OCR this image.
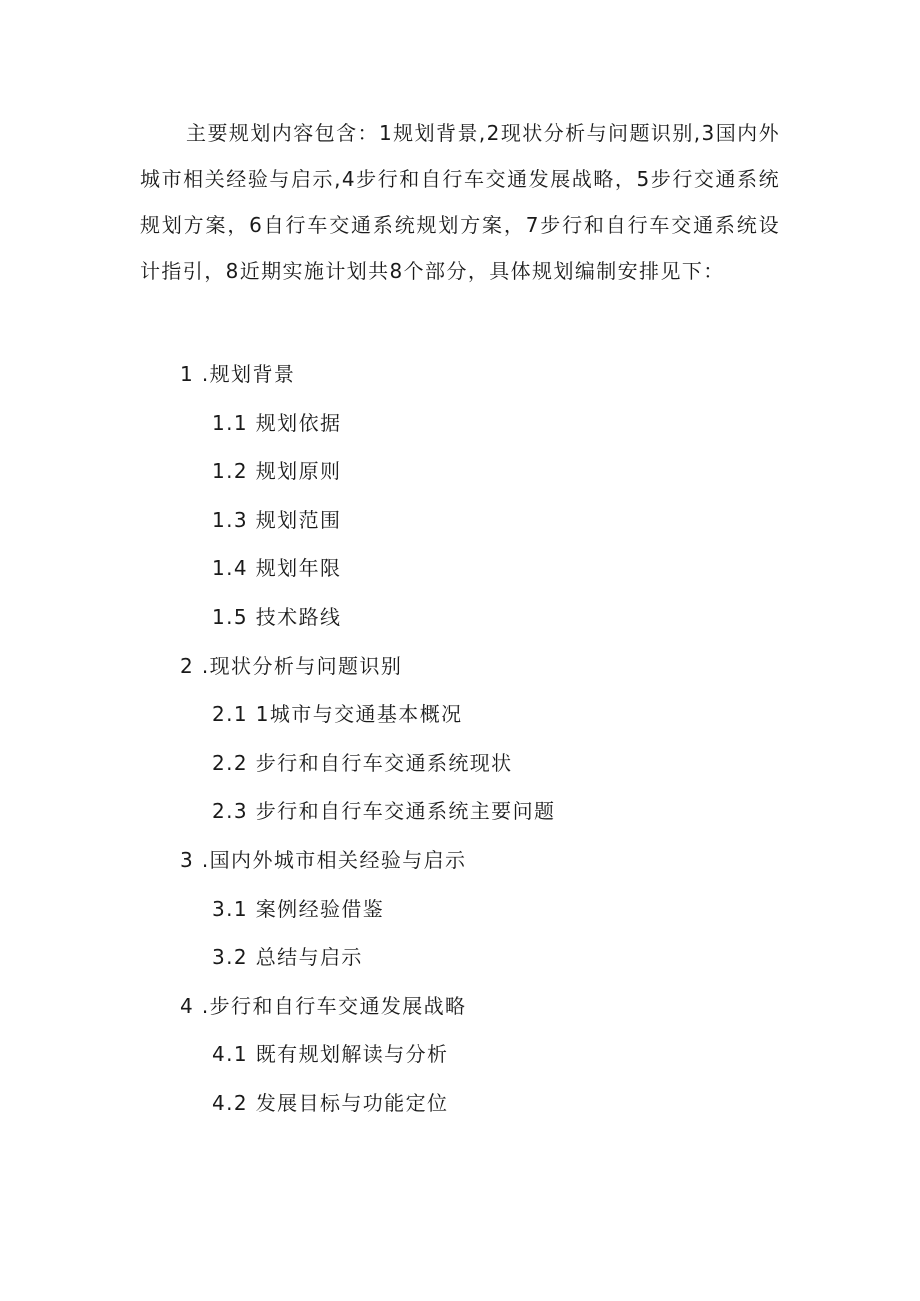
主要规划内容包含：1规划背景,2现状分析与问题识别,3国内外城市相关经验与启示,4步行和自行车交通发展战略，5步行交通系统规划方案，6自行车交通系统规划方案，7步行和自行车交通系统设计指引，8近期实施计划共8个部分，具体规划编制安排见下：

1 .规划背景
1.1 规划依据
1.2 规划原则
1.3 规划范围
1.4 规划年限
1.5 技术路线
2 .现状分析与问题识别
2.1 1城市与交通基本概况
2.2 步行和自行车交通系统现状
2.3 步行和自行车交通系统主要问题
3 .国内外城市相关经验与启示
3.1 案例经验借鉴
3.2 总结与启示
4 .步行和自行车交通发展战略
4.1 既有规划解读与分析
4.2 发展目标与功能定位
